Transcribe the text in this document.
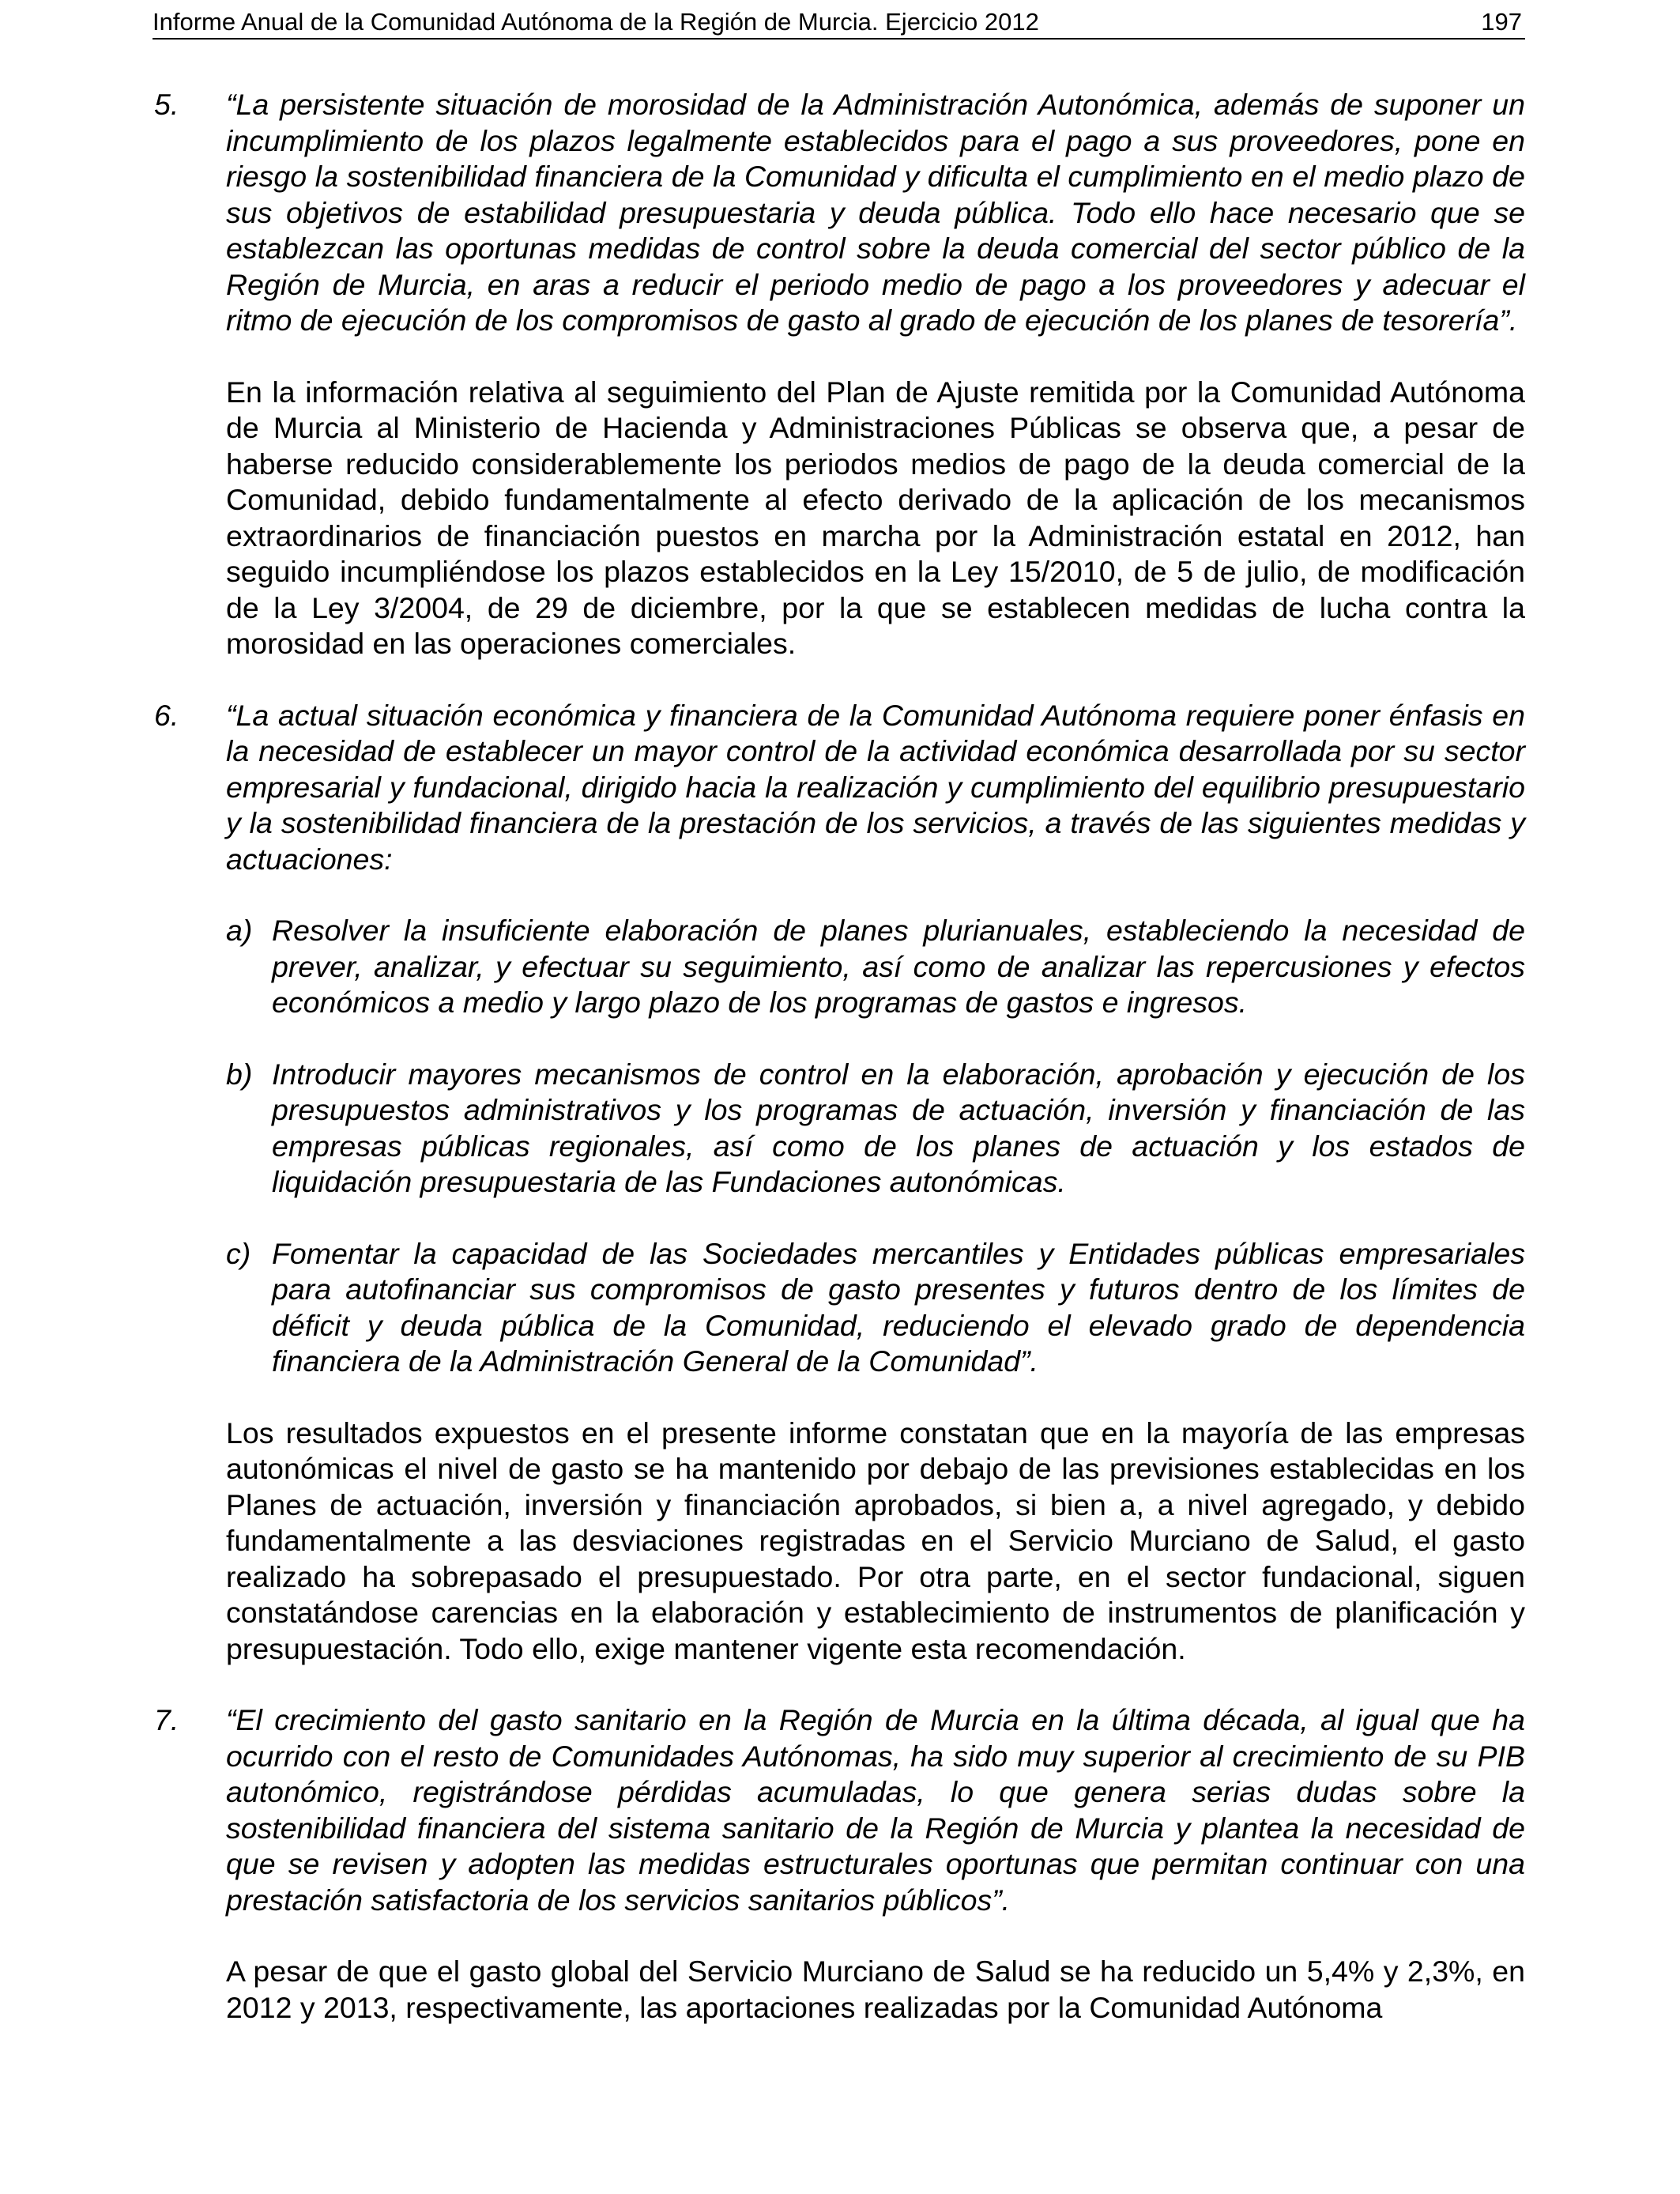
Informe Anual de la Comunidad Autónoma de la Región de Murcia. Ejercicio 2012	197
5. “La persistente situación de morosidad de la Administración Autonómica, además de suponer un incumplimiento de los plazos legalmente establecidos para el pago a sus proveedores, pone en riesgo la sostenibilidad financiera de la Comunidad y dificulta el cumplimiento en el medio plazo de sus objetivos de estabilidad presupuestaria y deuda pública. Todo ello hace necesario que se establezcan las oportunas medidas de control sobre la deuda comercial del sector público de la Región de Murcia, en aras a reducir el periodo medio de pago a los proveedores y adecuar el ritmo de ejecución de los compromisos de gasto al grado de ejecución de los planes de tesorería”.

En la información relativa al seguimiento del Plan de Ajuste remitida por la Comunidad Autónoma de Murcia al Ministerio de Hacienda y Administraciones Públicas se observa que, a pesar de haberse reducido considerablemente los periodos medios de pago de la deuda comercial de la Comunidad, debido fundamentalmente al efecto derivado de la aplicación de los mecanismos extraordinarios de financiación puestos en marcha por la Administración estatal en 2012, han seguido incumpliéndose los plazos establecidos en la Ley 15/2010, de 5 de julio, de modificación de la Ley 3/2004, de 29 de diciembre, por la que se establecen medidas de lucha contra la morosidad en las operaciones comerciales.

6. “La actual situación económica y financiera de la Comunidad Autónoma requiere poner énfasis en la necesidad de establecer un mayor control de la actividad económica desarrollada por su sector empresarial y fundacional, dirigido hacia la realización y cumplimiento del equilibrio presupuestario y la sostenibilidad financiera de la prestación de los servicios, a través de las siguientes medidas y actuaciones:

a) Resolver la insuficiente elaboración de planes plurianuales, estableciendo la necesidad de prever, analizar, y efectuar su seguimiento, así como de analizar las repercusiones y efectos económicos a medio y largo plazo de los programas de gastos e ingresos.

b) Introducir mayores mecanismos de control en la elaboración, aprobación y ejecución de los presupuestos administrativos y los programas de actuación, inversión y financiación de las empresas públicas regionales, así como de los planes de actuación y los estados de liquidación presupuestaria de las Fundaciones autonómicas.

c) Fomentar la capacidad de las Sociedades mercantiles y Entidades públicas empresariales para autofinanciar sus compromisos de gasto presentes y futuros dentro de los límites de déficit y deuda pública de la Comunidad, reduciendo el elevado grado de dependencia financiera de la Administración General de la Comunidad”.

Los resultados expuestos en el presente informe constatan que en la mayoría de las empresas autonómicas el nivel de gasto se ha mantenido por debajo de las previsiones establecidas en los Planes de actuación, inversión y financiación aprobados, si bien a, a nivel agregado, y debido fundamentalmente a las desviaciones registradas en el Servicio Murciano de Salud, el gasto realizado ha sobrepasado el presupuestado. Por otra parte, en el sector fundacional, siguen constatándose carencias en la elaboración y establecimiento de instrumentos de planificación y presupuestación. Todo ello, exige mantener vigente esta recomendación.

7. “El crecimiento del gasto sanitario en la Región de Murcia en la última década, al igual que ha ocurrido con el resto de Comunidades Autónomas, ha sido muy superior al crecimiento de su PIB autonómico, registrándose pérdidas acumuladas, lo que genera serias dudas sobre la sostenibilidad financiera del sistema sanitario de la Región de Murcia y plantea la necesidad de que se revisen y adopten las medidas estructurales oportunas que permitan continuar con una prestación satisfactoria de los servicios sanitarios públicos”.

A pesar de que el gasto global del Servicio Murciano de Salud se ha reducido un 5,4% y 2,3%, en 2012 y 2013, respectivamente, las aportaciones realizadas por la Comunidad Autónoma
